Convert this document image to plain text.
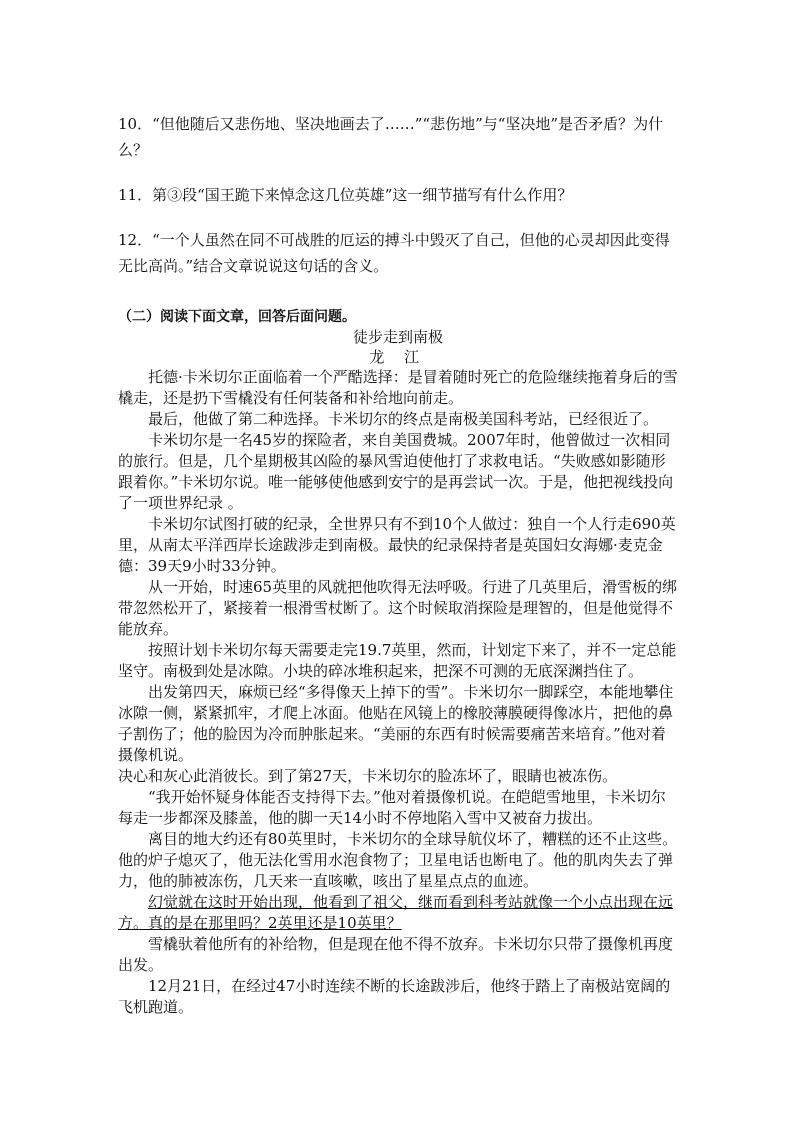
10．“但他随后又悲伤地、坚决地画去了……”“悲伤地”与“坚决地”是否矛盾？为什么？

11．第③段“国王跪下来悼念这几位英雄”这一细节描写有什么作用？

12．“一个人虽然在同不可战胜的厄运的搏斗中毁灭了自己，但他的心灵却因此变得无比高尚。”结合文章说说这句话的含义。

（二）阅读下面文章，回答后面问题。

徒步走到南极

龙 江

托德·卡米切尔正面临着一个严酷选择：是冒着随时死亡的危险继续拖着身后的雪橇走，还是扔下雪橇没有任何装备和补给地向前走。

最后，他做了第二种选择。卡米切尔的终点是南极美国科考站，已经很近了。

卡米切尔是一名45岁的探险者，来自美国费城。2007年时，他曾做过一次相同的旅行。但是，几个星期极其凶险的暴风雪迫使他打了求救电话。“失败感如影随形跟着你。”卡米切尔说。唯一能够使他感到安宁的是再尝试一次。于是，他把视线投向了一项世界纪录 。

卡米切尔试图打破的纪录，全世界只有不到10个人做过：独自一个人行走690英里，从南太平洋西岸长途跋涉走到南极。最快的纪录保持者是英国妇女海娜·麦克金德：39天9小时33分钟。

从一开始，时速65英里的风就把他吹得无法呼吸。行进了几英里后，滑雪板的绑带忽然松开了，紧接着一根滑雪杖断了。这个时候取消探险是理智的，但是他觉得不能放弃。

按照计划卡米切尔每天需要走完19.7英里，然而，计划定下来了，并不一定总能坚守。南极到处是冰隙。小块的碎冰堆积起来，把深不可测的无底深渊挡住了。

出发第四天，麻烦已经“多得像天上掉下的雪”。卡米切尔一脚踩空，本能地攀住冰隙一侧，紧紧抓牢，才爬上冰面。他贴在风镜上的橡胶薄膜硬得像冰片，把他的鼻子割伤了；他的脸因为冷而肿胀起来。“美丽的东西有时候需要痛苦来培育。”他对着摄像机说。

决心和灰心此消彼长。到了第27天，卡米切尔的脸冻坏了，眼睛也被冻伤。

“我开始怀疑身体能否支持得下去。”他对着摄像机说。在皑皑雪地里，卡米切尔每走一步都深及膝盖，他的脚一天14小时不停地陷入雪中又被奋力拔出。

离目的地大约还有80英里时，卡米切尔的全球导航仪坏了，糟糕的还不止这些。他的炉子熄灭了，他无法化雪用水泡食物了；卫星电话也断电了。他的肌肉失去了弹力，他的肺被冻伤，几天来一直咳嗽，咳出了星星点点的血迹。

幻觉就在这时开始出现，他看到了祖父，继而看到科考站就像一个小点出现在远方。真的是在那里吗？2英里还是10英里？

雪橇驮着他所有的补给物，但是现在他不得不放弃。卡米切尔只带了摄像机再度出发。

12月21日，在经过47小时连续不断的长途跋涉后，他终于踏上了南极站宽阔的飞机跑道。
